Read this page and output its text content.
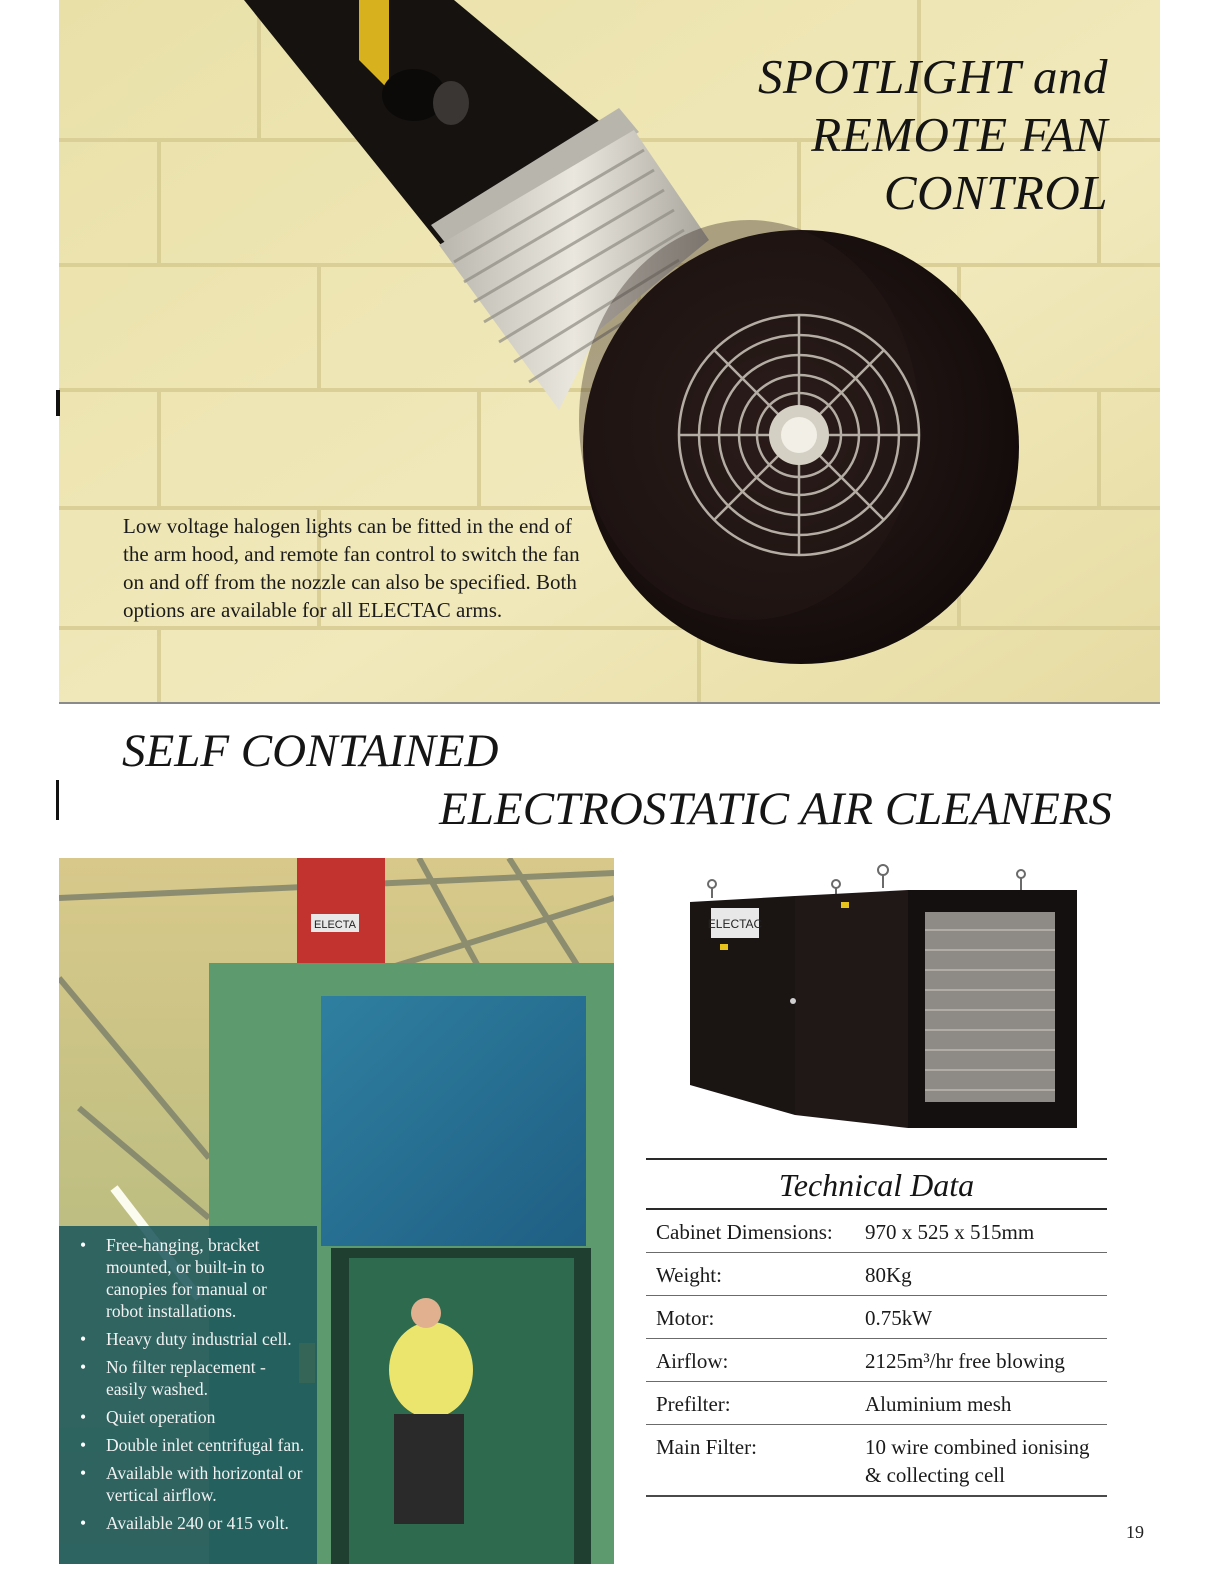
SPOTLIGHT and
REMOTE FAN
CONTROL
Low voltage halogen lights can be fitted in the end of the arm hood, and remote fan control to switch the fan on and off from the nozzle can also be specified. Both options are available for all ELECTAC arms.
SELF CONTAINED
ELECTROSTATIC AIR CLEANERS
ELECTA
• Free-hanging, bracket mounted, or built-in to canopies for manual or robot installations.
• Heavy duty industrial cell.
• No filter replacement - easily washed.
• Quiet operation
• Double inlet centrifugal fan.
• Available with horizontal or vertical airflow.
• Available 240 or 415 volt.
ELECTAC
Technical Data
Cabinet Dimensions:	970 x 525 x 515mm
Weight:	80Kg
Motor:	0.75kW
Airflow:	2125m³/hr free blowing
Prefilter:	Aluminium mesh
Main Filter:	10 wire combined ionising & collecting cell
19
